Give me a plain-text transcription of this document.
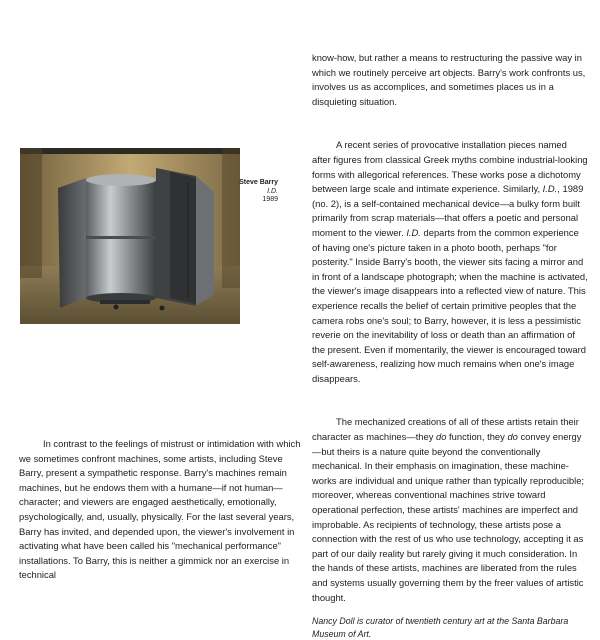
know-how, but rather a means to restructuring the passive way in which we routinely perceive art objects. Barry's work confronts us, involves us as accomplices, and sometimes places us in a disquieting situation.

A recent series of provocative installation pieces named after figures from classical Greek myths combine industrial-looking forms with allegorical references. These works pose a dichotomy between large scale and intimate experience. Similarly, I.D., 1989 (no. 2), is a self-contained mechanical device—a bulky form built primarily from scrap materials—that offers a poetic and personal moment to the viewer. I.D. departs from the common experience of having one's picture taken in a photo booth, perhaps "for posterity." Inside Barry's booth, the viewer sits facing a mirror and in front of a landscape photograph; when the machine is activated, the viewer's image disappears into a reflected view of nature. This experience recalls the belief of certain primitive peoples that the camera robs one's soul; to Barry, however, it is less a pessimistic reverie on the inevitability of loss or death than an affirmation of the present. Even if momentarily, the viewer is encouraged toward self-awareness, realizing how much remains when one's image disappears.

The mechanized creations of all of these artists retain their character as machines—they do function, they do convey energy—but theirs is a nature quite beyond the conventionally mechanical. In their emphasis on imagination, these machine-works are individual and unique rather than typically reproducible; moreover, whereas conventional machines strive toward operational perfection, these artists' machines are imperfect and improbable. As recipients of technology, these artists pose a connection with the rest of us who use technology, accepting it as part of our daily reality but rarely giving it much consideration. In the hands of these artists, machines are liberated from the rules and systems usually governing them by the freer values of artistic thought.

Nancy Doll is curator of twentieth century art at the Santa Barbara Museum of Art.

Steve Barry
I.D.
1989

In contrast to the feelings of mistrust or intimidation with which we sometimes confront machines, some artists, including Steve Barry, present a sympathetic response. Barry's machines remain machines, but he endows them with a humane—if not human—character; and viewers are engaged aesthetically, emotionally, psychologically, and, usually, physically. For the last several years, Barry has invited, and depended upon, the viewer's involvement in activating what have been called his "mechanical performance" installations. To Barry, this is neither a gimmick nor an exercise in technical
